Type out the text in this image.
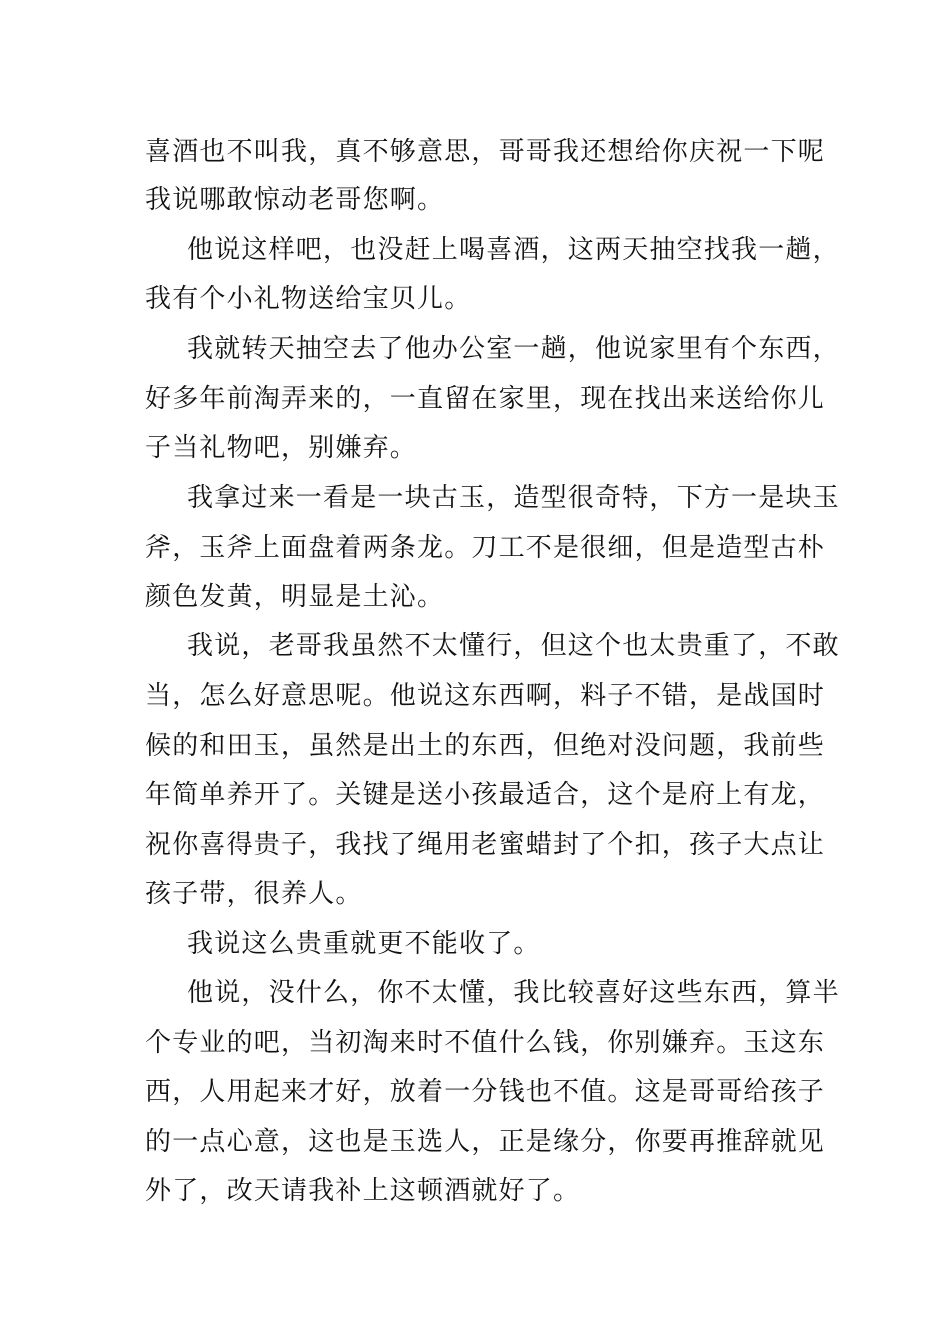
喜酒也不叫我，真不够意思，哥哥我还想给你庆祝一下呢

我说哪敢惊动老哥您啊。

他说这样吧，也没赶上喝喜酒，这两天抽空找我一趟，

我有个小礼物送给宝贝儿。

我就转天抽空去了他办公室一趟，他说家里有个东西，

好多年前淘弄来的，一直留在家里，现在找出来送给你儿

子当礼物吧，别嫌弃。

我拿过来一看是一块古玉，造型很奇特，下方一是块玉

斧，玉斧上面盘着两条龙。刀工不是很细，但是造型古朴

颜色发黄，明显是土沁。

我说，老哥我虽然不太懂行，但这个也太贵重了，不敢

当，怎么好意思呢。他说这东西啊，料子不错，是战国时

候的和田玉，虽然是出土的东西，但绝对没问题，我前些

年简单养开了。关键是送小孩最适合，这个是府上有龙，

祝你喜得贵子，我找了绳用老蜜蜡封了个扣，孩子大点让

孩子带，很养人。

我说这么贵重就更不能收了。

他说，没什么，你不太懂，我比较喜好这些东西，算半

个专业的吧，当初淘来时不值什么钱，你别嫌弃。玉这东

西，人用起来才好，放着一分钱也不值。这是哥哥给孩子

的一点心意，这也是玉选人，正是缘分，你要再推辞就见

外了，改天请我补上这顿酒就好了。
